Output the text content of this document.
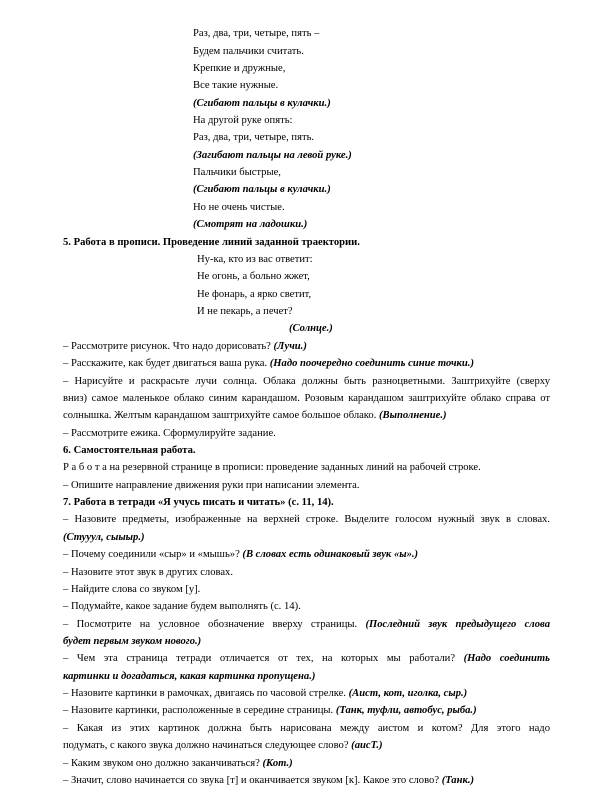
Раз, два, три, четыре, пять –
Будем пальчики считать.
Крепкие и дружные,
Все такие нужные.
(Сгибают пальцы в кулачки.)
На другой руке опять:
Раз, два, три, четыре, пять.
(Загибают пальцы на левой руке.)
Пальчики быстрые,
(Сгибают пальцы в кулачки.)
Но не очень чистые.
(Смотрят на ладошки.)
5. Работа в прописи. Проведение линий заданной траектории.
Ну-ка, кто из вас ответит:
Не огонь, а больно жжет,
Не фонарь, а ярко светит,
И не пекарь, а печет?
(Солнце.)
– Рассмотрите рисунок. Что надо дорисовать? (Лучи.)
– Расскажите, как будет двигаться ваша рука. (Надо поочередно соединить синие точки.)
– Нарисуйте и раскрасьте лучи солнца. Облака должны быть разноцветными. Заштрихуйте (сверху
вниз) самое маленькое облако синим карандашом. Розовым карандашом заштрихуйте облако справа от
солнышка. Желтым карандашом заштрихуйте самое большое облако. (Выполнение.)
– Рассмотрите ежика. Сформулируйте задание.
6. Самостоятельная работа.
Р а б о т а на резервной странице в прописи: проведение заданных линий на рабочей строке.
– Опишите направление движения руки при написании элемента.
7. Работа в тетради «Я учусь писать и читать» (с. 11, 14).
– Назовите предметы, изображенные на верхней строке. Выделите голосом нужный звук в словах.
(Стууул, сыыыр.)
– Почему соединили «сыр» и «мышь»? (В словах есть одинаковый звук «ы».)
– Назовите этот звук в других словах.
– Найдите слова со звуком [у].
– Подумайте, какое задание будем выполнять (с. 14).
– Посмотрите на условное обозначение вверху страницы. (Последний звук предыдущего слова
будет первым звуком нового.)
– Чем эта страница тетради отличается от тех, на которых мы работали? (Надо соединить
картинки и догадаться, какая картинка пропущена.)
– Назовите картинки в рамочках, двигаясь по часовой стрелке. (Аист, кот, иголка, сыр.)
– Назовите картинки, расположенные в середине страницы. (Танк, туфли, автобус, рыба.)
– Какая из этих картинок должна быть нарисована между аистом и котом? Для этого надо
подумать, с какого звука должно начинаться следующее слово? (аисТ.)
– Каким звуком оно должно заканчиваться? (Кот.)
– Значит, слово начинается со звука [т] и оканчивается звуком [к]. Какое это слово? (Танк.)
